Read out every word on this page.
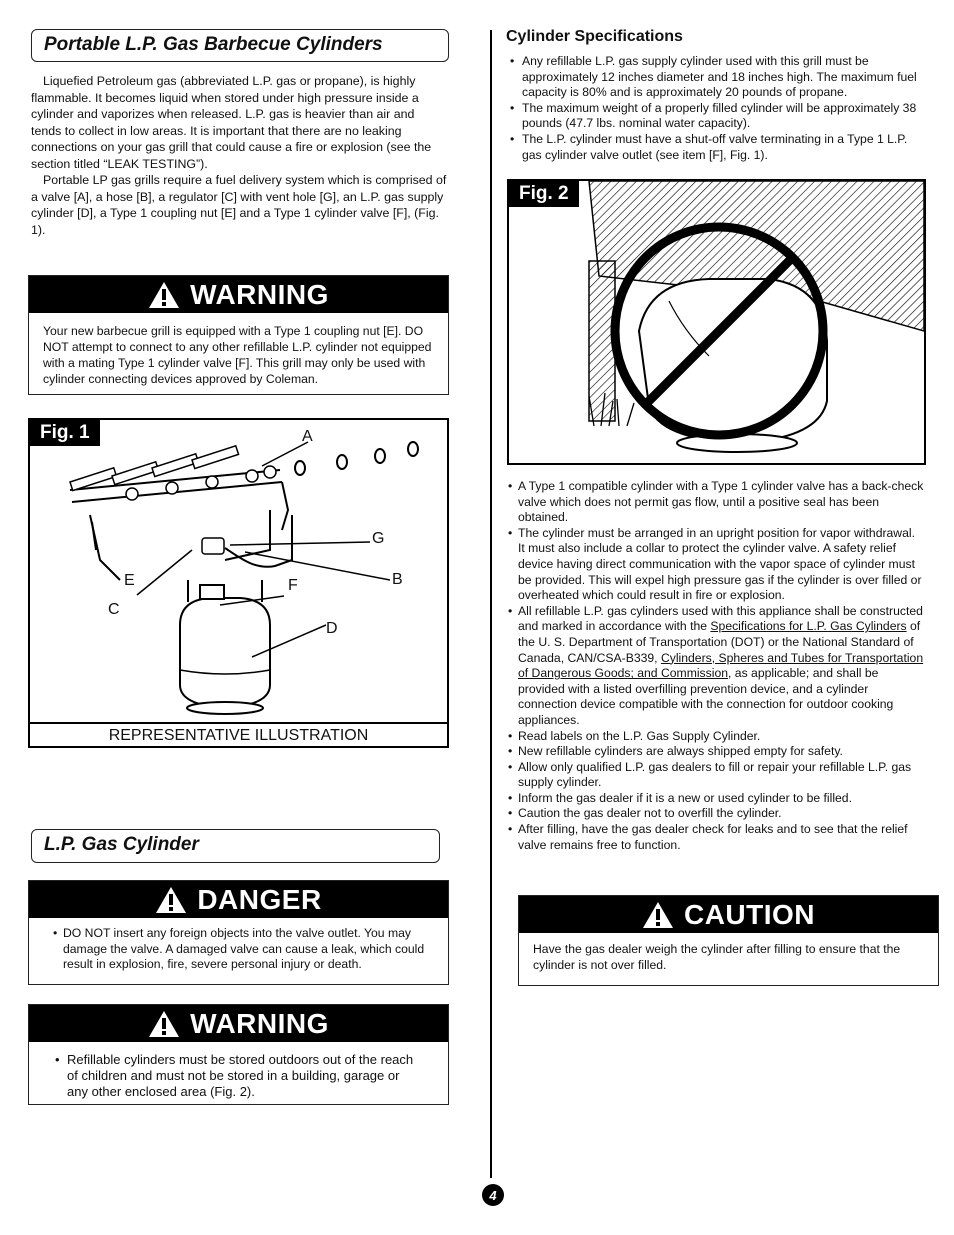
Portable L.P. Gas Barbecue Cylinders

Liquefied Petroleum gas (abbreviated L.P. gas or propane), is highly flammable. It becomes liquid when stored under high pressure inside a cylinder and vaporizes when released. L.P. gas is heavier than air and tends to collect in low areas. It is important that there are no leaking connections on your gas grill that could cause a fire or explosion (see the section titled “LEAK TESTING”).

Portable LP gas grills require a fuel delivery system which is comprised of a valve [A], a hose [B], a regulator [C] with vent hole [G], an L.P. gas supply cylinder [D], a Type 1 coupling nut [E] and a Type 1 cylinder valve [F], (Fig. 1).

WARNING
Your new barbecue grill is equipped with a Type 1 coupling nut [E]. DO NOT attempt to connect to any other refillable L.P. cylinder not equipped with a mating Type 1 cylinder valve [F]. This grill may only be used with cylinder connecting devices approved by Coleman.
Fig. 1	A
G
E	F	B
C
D
REPRESENTATIVE ILLUSTRATION
L.P. Gas Cylinder
DANGER
• DO NOT insert any foreign objects into the valve outlet. You may damage the valve. A damaged valve can cause a leak, which could result in explosion, fire, severe personal injury or death.
WARNING
• Refillable cylinders must be stored outdoors out of the reach of children and must not be stored in a building, garage or any other enclosed area (Fig. 2).
Cylinder Specifications
• Any refillable L.P. gas supply cylinder used with this grill must be approximately 12 inches diameter and 18 inches high. The maximum fuel capacity is 80% and is approximately 20 pounds of propane.
• The maximum weight of a properly filled cylinder will be approximately 38 pounds (47.7 lbs. nominal water capacity).
• The L.P. cylinder must have a shut-off valve terminating in a Type 1 L.P. gas cylinder valve outlet (see item [F], Fig. 1).
Fig. 2
• A Type 1 compatible cylinder with a Type 1 cylinder valve has a back-check valve which does not permit gas flow, until a positive seal has been obtained.
• The cylinder must be arranged in an upright position for vapor withdrawal. It must also include a collar to protect the cylinder valve. A safety relief device having direct communication with the vapor space of cylinder must be provided. This will expel high pressure gas if the cylinder is over filled or overheated which could result in fire or explosion.
• All refillable L.P. gas cylinders used with this appliance shall be constructed and marked in accordance with the Specifications for L.P. Gas Cylinders of the U. S. Department of Transportation (DOT) or the National Standard of Canada, CAN/CSA-B339, Cylinders, Spheres and Tubes for Transportation of Dangerous Goods; and Commission, as applicable; and shall be provided with a listed overfilling prevention device, and a cylinder connection device compatible with the connection for outdoor cooking appliances.
• Read labels on the L.P. Gas Supply Cylinder.
• New refillable cylinders are always shipped empty for safety.
• Allow only qualified L.P. gas dealers to fill or repair your refillable L.P. gas supply cylinder.
• Inform the gas dealer if it is a new or used cylinder to be filled.
• Caution the gas dealer not to overfill the cylinder.
• After filling, have the gas dealer check for leaks and to see that the relief valve remains free to function.
CAUTION
Have the gas dealer weigh the cylinder after filling to ensure that the cylinder is not over filled.
4
